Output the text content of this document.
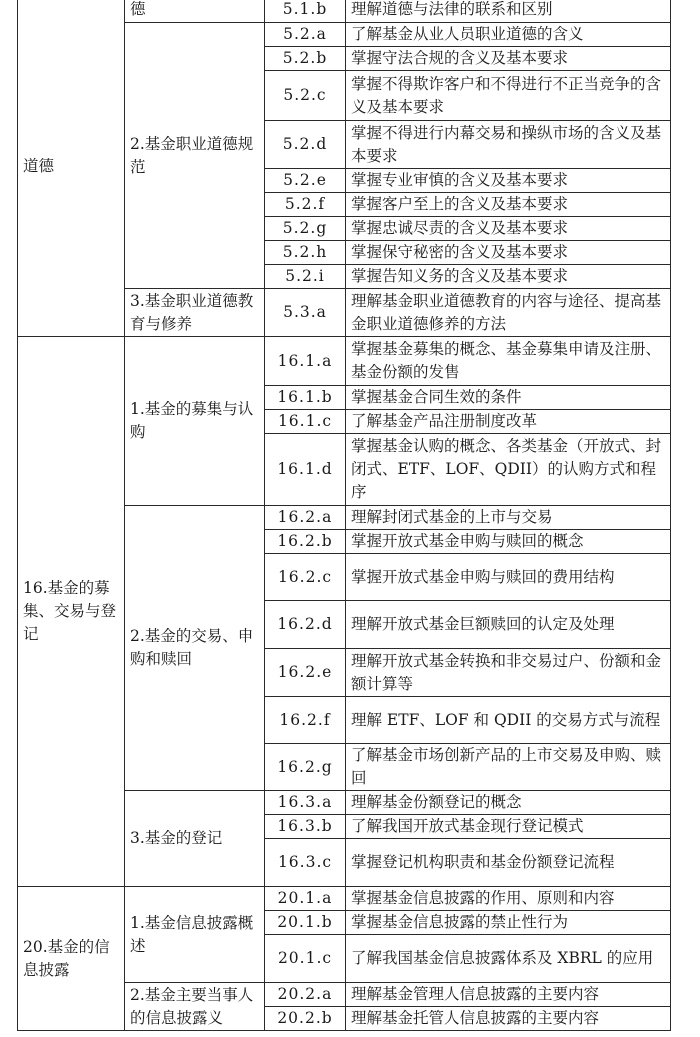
道德	德	5.1.b	理解道德与法律的联系和区别

	2.基金职业道德规范	5.2.a	了解基金从业人员职业道德的含义

		5.2.b	掌握守法合规的含义及基本要求

		5.2.c	掌握不得欺诈客户和不得进行不正当竞争的含义及基本要求

		5.2.d	掌握不得进行内幕交易和操纵市场的含义及基本要求

		5.2.e	掌握专业审慎的含义及基本要求

		5.2.f	掌握客户至上的含义及基本要求

		5.2.g	掌握忠诚尽责的含义及基本要求

		5.2.h	掌握保守秘密的含义及基本要求

		5.2.i	掌握告知义务的含义及基本要求

	3.基金职业道德教育与修养	5.3.a	理解基金职业道德教育的内容与途径、提高基金职业道德修养的方法

16.基金的募集、交易与登记	1.基金的募集与认购	16.1.a	掌握基金募集的概念、基金募集申请及注册、基金份额的发售

		16.1.b	掌握基金合同生效的条件

		16.1.c	了解基金产品注册制度改革

		16.1.d	掌握基金认购的概念、各类基金（开放式、封闭式、ETF、LOF、QDII）的认购方式和程序

	2.基金的交易、申购和赎回	16.2.a	理解封闭式基金的上市与交易

		16.2.b	掌握开放式基金申购与赎回的概念

		16.2.c	掌握开放式基金申购与赎回的费用结构

		16.2.d	理解开放式基金巨额赎回的认定及处理

		16.2.e	理解开放式基金转换和非交易过户、份额和金额计算等

		16.2.f	理解 ETF、LOF 和 QDII 的交易方式与流程

		16.2.g	了解基金市场创新产品的上市交易及申购、赎回

	3.基金的登记	16.3.a	理解基金份额登记的概念

		16.3.b	了解我国开放式基金现行登记模式

		16.3.c	掌握登记机构职责和基金份额登记流程

20.基金的信息披露	1.基金信息披露概述	20.1.a	掌握基金信息披露的作用、原则和内容

		20.1.b	掌握基金信息披露的禁止性行为

		20.1.c	了解我国基金信息披露体系及 XBRL 的应用

	2.基金主要当事人的信息披露义	20.2.a	理解基金管理人信息披露的主要内容

		20.2.b	理解基金托管人信息披露的主要内容
